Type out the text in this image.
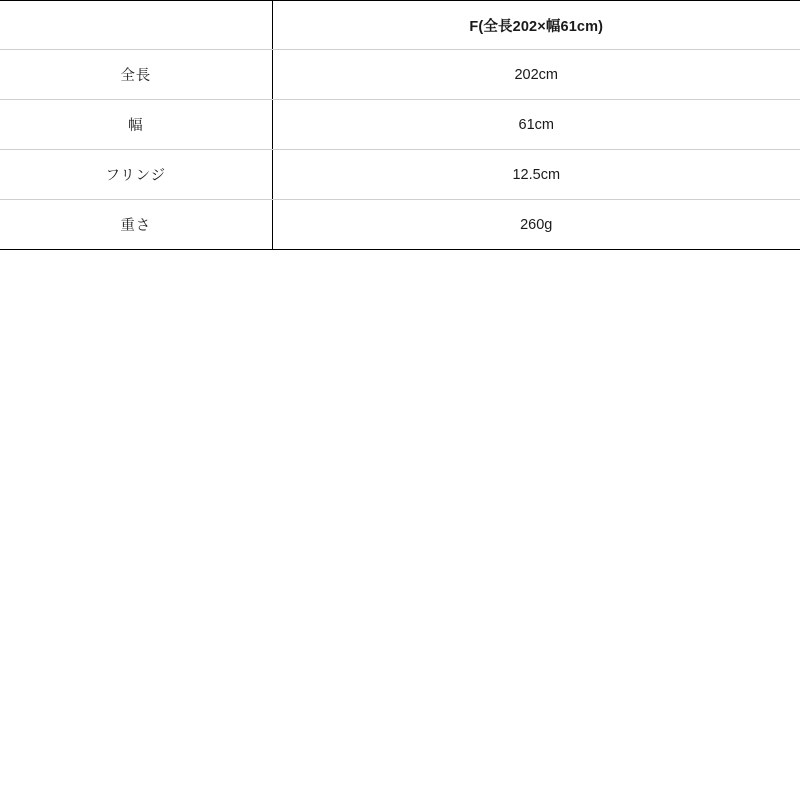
	F(全長202×幅61cm)
全長	202cm
幅	61cm
フリンジ	12.5cm
重さ	260g
